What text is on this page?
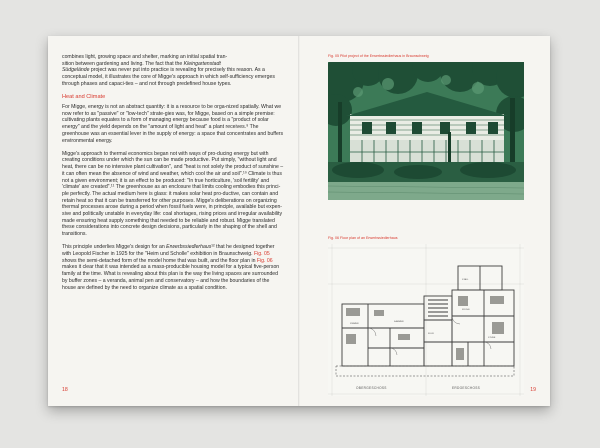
combines light, growing space and shelter, marking an initial spatial tran-
sition between gardening and living. The fact that the Kleingartenstadt
Südgelände project was never put into practice is revealing for precisely this reason. As a conceptual model, it illustrates the core of Migge's approach in which self-sufficiency emerges through phases and capaci-ties – and not through predefined house types.

Heat and Climate

For Migge, energy is not an abstract quantity: it is a resource to be orga-nized spatially. What we now refer to as "passive" or "low-tech" strate-gies was, for Migge, based on a simple premise: cultivating plants equates to a form of managing energy because food is a "product of solar energy" and the yield depends on the "amount of light and heat" a plant receives.⁹ The greenhouse was an essential lever in the supply of energy: a space that concentrates and buffers environmental energy.

Migge's approach to thermal economics began not with ways of pro-ducing energy but with creating conditions under which the sun can be made productive. Put simply, "without light and heat, there can be no intensive plant cultivation", and "heat is not solely the product of sunshine – it can often mean the absence of wind and weather, which cool the air and soil".¹⁰ Climate is thus not a given environment; it is an effect to be produced: "In true horticulture, 'soil fertility' and 'climate' are created".¹¹ The greenhouse as an enclosure that limits cooling embodies this princi-ple perfectly. The actual medium here is glass: it makes solar heat pro-ductive, can contain and retain heat so that it can be transferred for other purposes. Migge's deliberations on organizing thermal processes arose during a period when fossil fuels were, in principle, available but expen-sive and politically unstable in everyday life: coal shortages, rising prices and irregular availability made ensuring heat supply something that needed to be reliable and robust. Migge translated these considerations into concrete design decisions, particularly in the shaping of the shell and transitions.

This principle underlies Migge's design for an Erwerbssiedlerhaus¹² that he designed together with Leopold Fischer in 1925 for the "Heim und Scholle" exhibition in Braunschweig. Fig. 05 shows the semi-detached form of the model home that was built, and the floor plan in Fig. 06 makes it clear that it was intended as a mass-producible housing model for a typical five-person family at the time. What is revealing about this plan is the way the living spaces are surrounded by buffer zones – a veranda, animal pen and conservatory – and how the boundaries of the house are defined by the need to organize climate as a spatial condition.

18
Fig. 05 Pilot project of the Erwerbssiedlerhaus in Braunschweig
Fig. 06 Floor plan of an Erwerbssiedlerhaus
ZIMMER
KAMMER
FLUR
KÜCHE
STUBE
STALL
OBERGESCHOSS	ERDGESCHOSS	19
